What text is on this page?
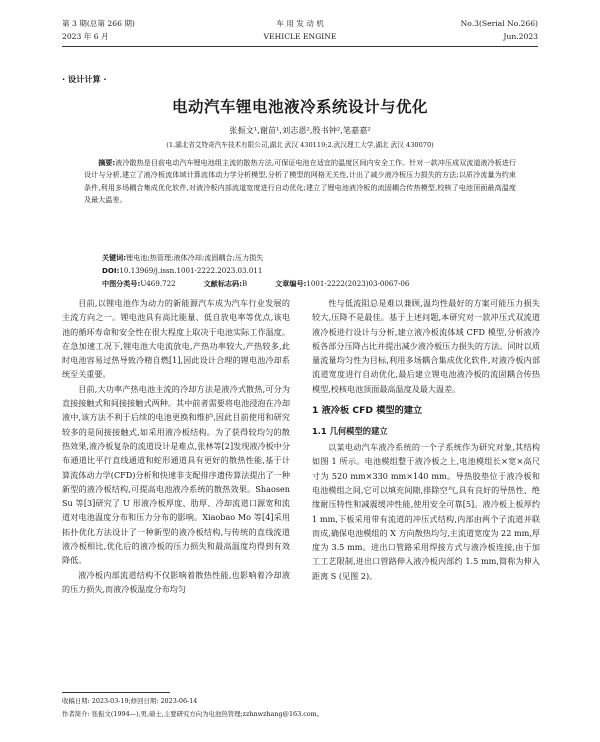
第 3 期(总第 266 期)	车 用 发 动 机	No.3(Serial No.266)
2023 年 6 月	VEHICLE ENGINE	Jun.2023
· 设计计算 ·
电动汽车锂电池液冷系统设计与优化
张振文¹,谢苗¹,刘志恩²,殷书钟²,笔嘉嘉²
(1.湖北省艾特奇汽车技术有限公司,湖北 武汉 430119;2.武汉理工大学,湖北 武汉 430070)
摘要:液冷散热是目前电动汽车锂电池组主流的散热方法,可保证电池在适宜的温度区间内安全工作。针对一款冲压成双流道液冷板进行设计与分析,建立了液冷板流体域计算流体动力学分析模型,分析了模型的网格无关性,计出了减少液冷板压力损失的方法;以质冷流量为约束条件,利用多场耦合集成优化软件,对液冷板内部流道宽度进行自动优化;建立了锂电池液冷板的流固耦合传热模型,校核了电池顶面最高温度及最大温差。
关键词:锂电池;热管理;液体冷却;流固耦合;压力损失
DOI:10.13969/j.issn.1001-2222.2023.03.011
中图分类号:U469.722	文献标志码:B	文章编号:1001-2222(2023)03-0067-06

目前,以锂电池作为动力的新能源汽车成为汽车行业发展的主流方向之一。锂电池具有高比能量、低自放电率等优点,该电池的循环寿命和安全性在很大程度上取决于电池实际工作温度。在急加速工况下,锂电池大电流放电,产热功率较大,产热较多,此时电池容易过热导致冷精自燃[1],因此设计合理的锂电池冷却系统至关重要。

目前,大功率产热电池主流的冷却方法是液冷式散热,可分为直接接触式和间接接触式两种。其中前者需要将电池浸泡在冷却液中,该方法不利于后续的电池更换和维护,因此目前使用和研究较多的是间接接触式,如采用液冷板结构。为了获得较均匀的散热效果,液冷板复杂的流道设计是难点,张林等[2]发现液冷板中分布通道比平行直线通道和蛇形通道具有更好的散热性能,基于计算流体动力学(CFD)分析和快速非支配排序遗传算法提出了一种新型的液冷板结构,可提高电池液冷系统的散热效果。Shaosen Su 等[3]研究了 U 形液冷板厚度、肋厚、冷却流道口源宽和流道对电池温度分布和压力分布的影响。Xiaobao Mo 等[4]采用拓扑优化方法设计了一种新型的液冷板结构,与传统的直线流道液冷板相比,优化后的液冷板的压力损失和最高温度均得到有效降低。

液冷板内部流道结构不仅影响着散热性能,也影响着冷却液的压力损失,而液冷板温度分布均匀

性与低流阻总是难以兼顾,温均性最好的方案可能压力损失较大,压降不是最佳。基于上述问题,本研究对一款冲压式双流道液冷板进行设计与分析,建立液冷板流体域 CFD 模型,分析液冷板各部分压降占比并提出减少液冷板压力损失的方法。同时以质量流量均匀性为目标,利用多场耦合集成优化软件,对液冷板内部流道宽度进行自动优化,最后建立锂电池液冷板的流固耦合传热模型,校核电池顶面最高温度及最大温差。

1 液冷板 CFD 模型的建立
1.1 几何模型的建立

以某电动汽车液冷系统的一个子系统作为研究对象,其结构如图 1 所示。电池模组整于液冷板之上,电池模组长×宽×高尺寸为 520 mm×330 mm×140 mm。导热胶垫位于液冷板和电池模组之间,它可以填充间隙,排除空气,具有良好的导热性、绝缘耐压特性和减震缓冲性能,使用安全可靠[5]。液冷板上板厚约 1 mm,下板采用带有流道的冲压式结构,内部由两个子流道并联而成,确保电池模组的 X 方向散热均匀,主流道宽度为 22 mm,厚度为 3.5 mm。进出口管路采用焊接方式与液冷板连接,由于加工工艺限制,进出口管路伸入液冷板内部约 1.5 mm,简称为伸入距离 S (见图 2)。

收稿日期: 2023-03-19;修回日期: 2023-06-14
作者简介: 张振文(1994—),男,硕士,主要研究方向为电池热管理;zzhnwzhang@163.com。
